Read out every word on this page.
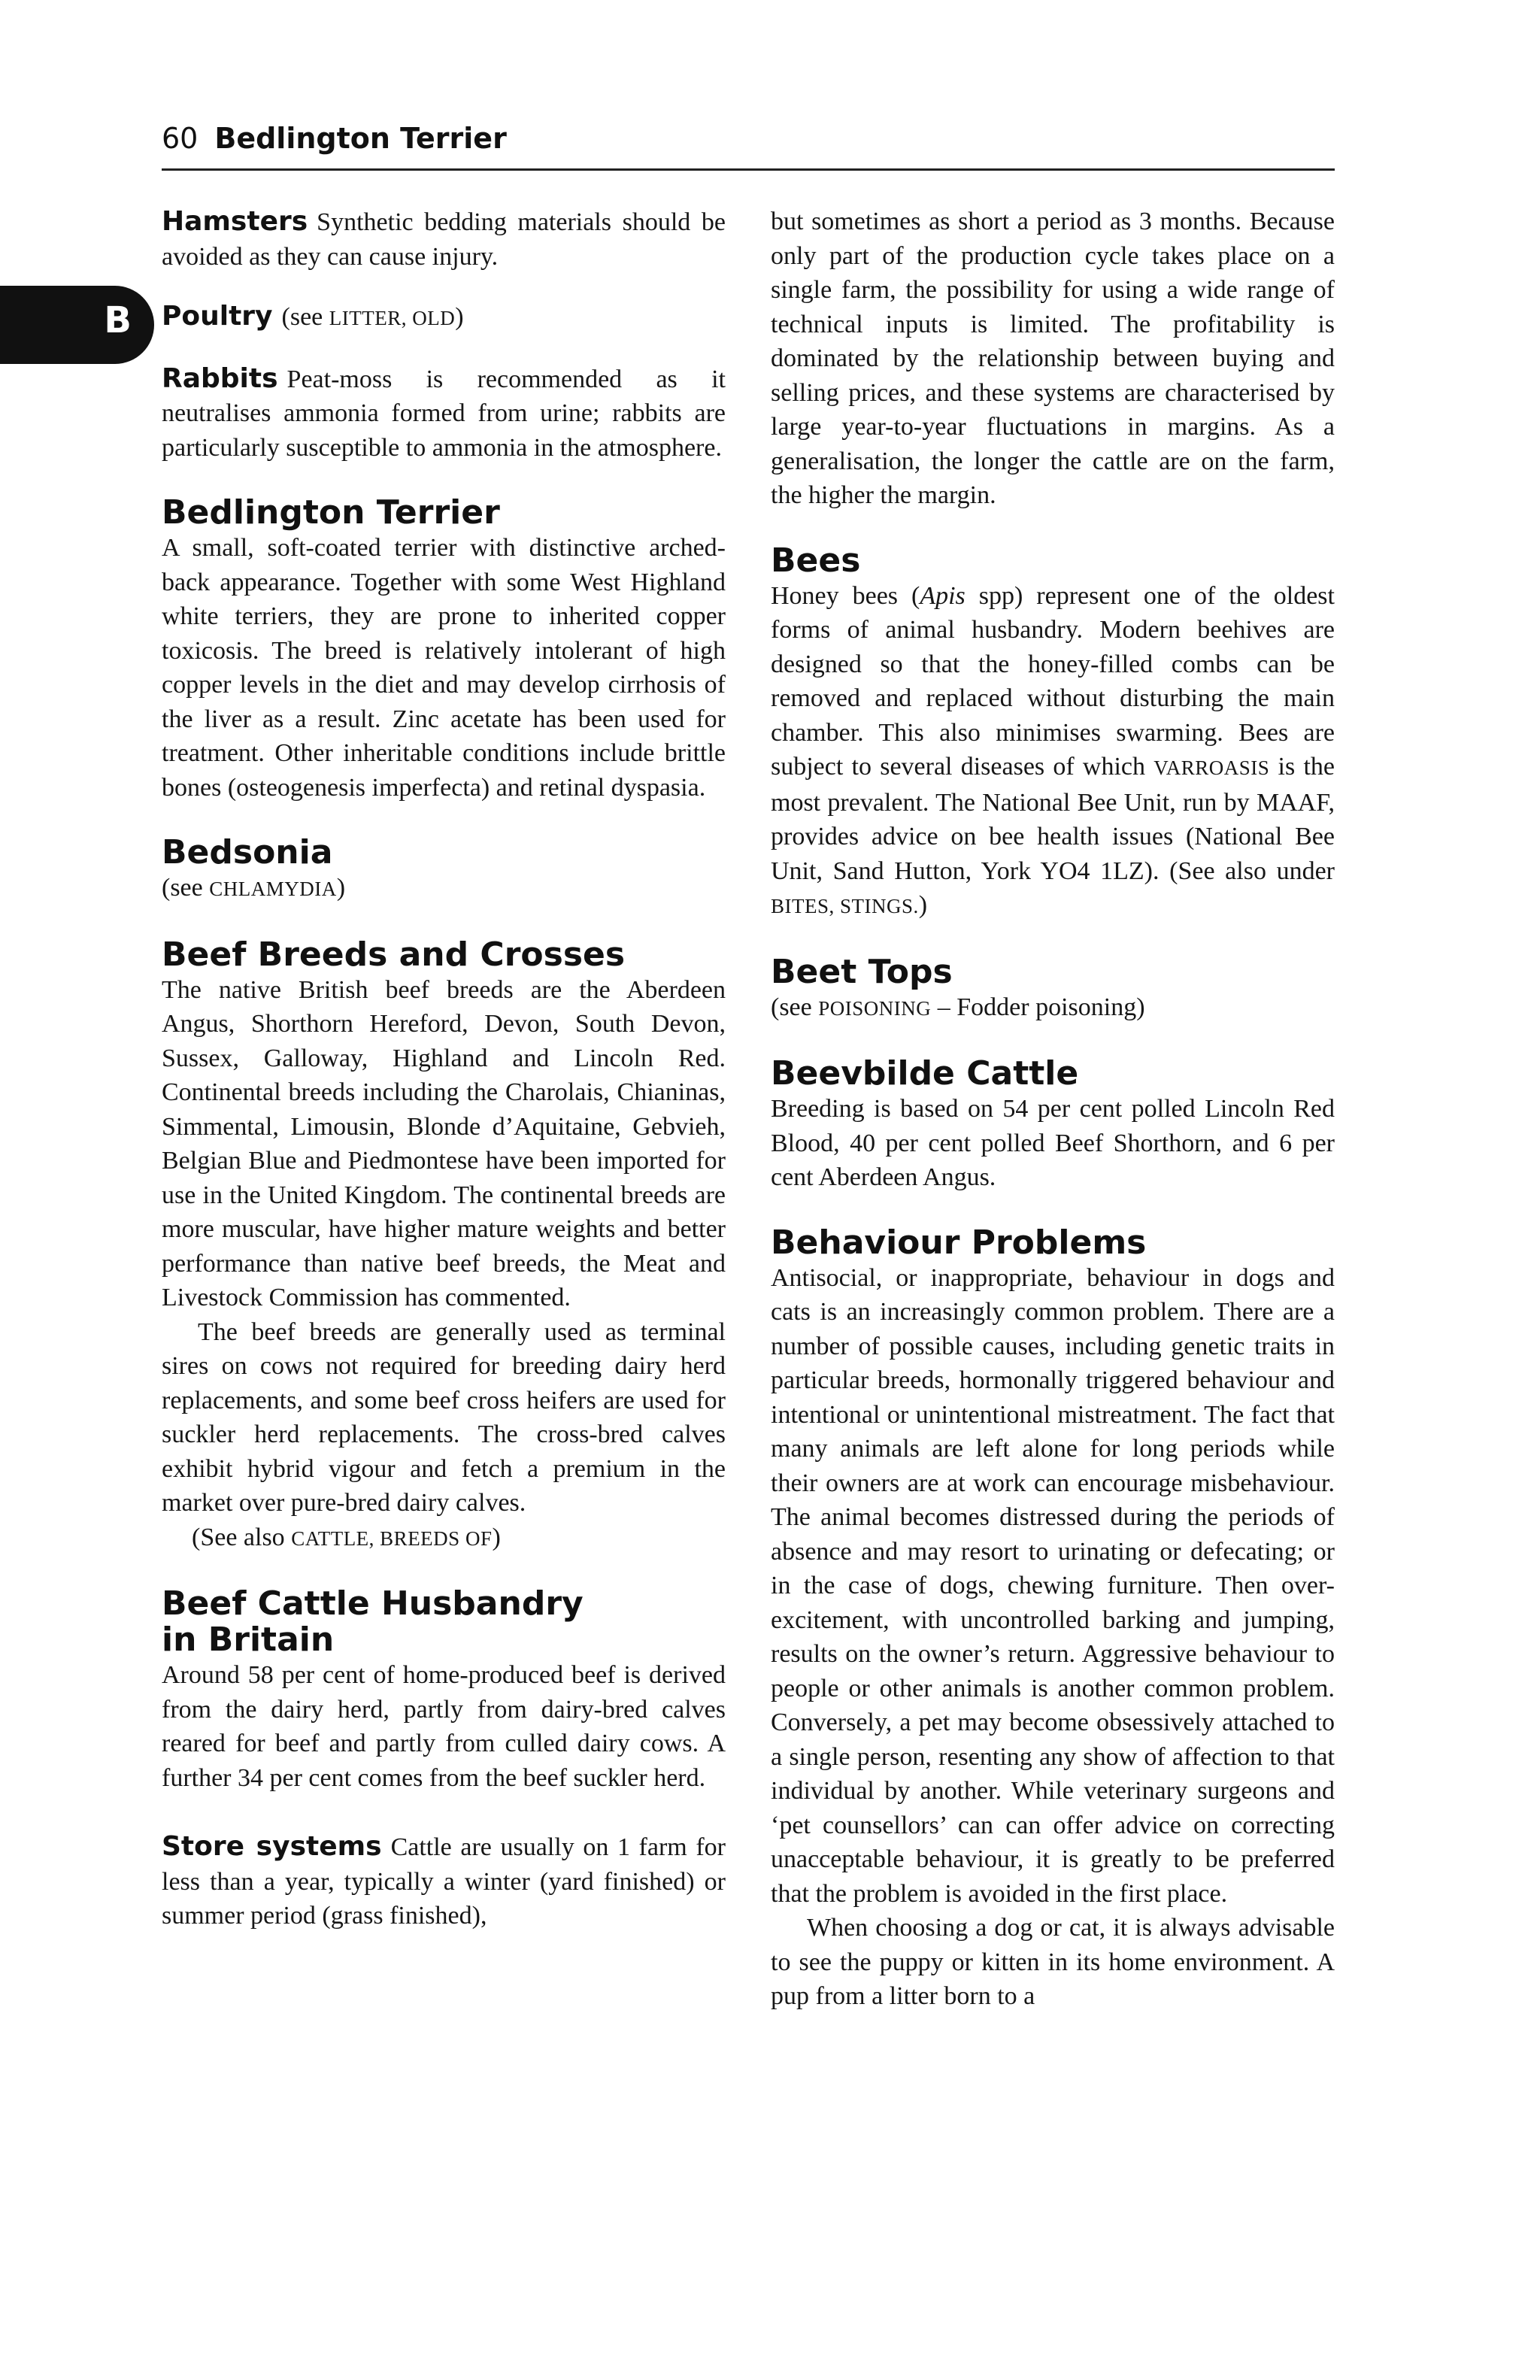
60 Bedlington Terrier
B

Hamsters Synthetic bedding materials should be avoided as they can cause injury.

Poultry (see LITTER, OLD)

Rabbits Peat-moss is recommended as it neutralises ammonia formed from urine; rabbits are particularly susceptible to ammonia in the atmosphere.

Bedlington Terrier

A small, soft-coated terrier with distinctive arched-back appearance. Together with some West Highland white terriers, they are prone to inherited copper toxicosis. The breed is relatively intolerant of high copper levels in the diet and may develop cirrhosis of the liver as a result. Zinc acetate has been used for treatment. Other inheritable conditions include brittle bones (osteogenesis imperfecta) and retinal dyspasia.

Bedsonia

(see CHLAMYDIA)

Beef Breeds and Crosses

The native British beef breeds are the Aberdeen Angus, Shorthorn Hereford, Devon, South Devon, Sussex, Galloway, Highland and Lincoln Red. Continental breeds including the Charolais, Chianinas, Simmental, Limousin, Blonde d’Aquitaine, Gebvieh, Belgian Blue and Piedmontese have been imported for use in the United Kingdom. The continental breeds are more muscular, have higher mature weights and better performance than native beef breeds, the Meat and Livestock Commission has commented.

The beef breeds are generally used as terminal sires on cows not required for breeding dairy herd replacements, and some beef cross heifers are used for suckler herd replacements. The cross-bred calves exhibit hybrid vigour and fetch a premium in the market over pure-bred dairy calves.

(See also CATTLE, BREEDS OF)

Beef Cattle Husbandry
in Britain

Around 58 per cent of home-produced beef is derived from the dairy herd, partly from dairy-bred calves reared for beef and partly from culled dairy cows. A further 34 per cent comes from the beef suckler herd.

Store systems Cattle are usually on 1 farm for less than a year, typically a winter (yard finished) or summer period (grass finished),

but sometimes as short a period as 3 months. Because only part of the production cycle takes place on a single farm, the possibility for using a wide range of technical inputs is limited. The profitability is dominated by the relationship between buying and selling prices, and these systems are characterised by large year-to-year fluctuations in margins. As a generalisation, the longer the cattle are on the farm, the higher the margin.

Bees

Honey bees (Apis spp) represent one of the oldest forms of animal husbandry. Modern beehives are designed so that the honey-filled combs can be removed and replaced without disturbing the main chamber. This also minimises swarming. Bees are subject to several diseases of which VARROASIS is the most prevalent. The National Bee Unit, run by MAAF, provides advice on bee health issues (National Bee Unit, Sand Hutton, York YO4 1LZ). (See also under BITES, STINGS.)

Beet Tops

(see POISONING – Fodder poisoning)

Beevbilde Cattle

Breeding is based on 54 per cent polled Lincoln Red Blood, 40 per cent polled Beef Shorthorn, and 6 per cent Aberdeen Angus.

Behaviour Problems

Antisocial, or inappropriate, behaviour in dogs and cats is an increasingly common problem. There are a number of possible causes, including genetic traits in particular breeds, hormonally triggered behaviour and intentional or unintentional mistreatment. The fact that many animals are left alone for long periods while their owners are at work can encourage misbehaviour. The animal becomes distressed during the periods of absence and may resort to urinating or defecating; or in the case of dogs, chewing furniture. Then over-excitement, with uncontrolled barking and jumping, results on the owner’s return. Aggressive behaviour to people or other animals is another common problem. Conversely, a pet may become obsessively attached to a single person, resenting any show of affection to that individual by another. While veterinary surgeons and ‘pet counsellors’ can can offer advice on correcting unacceptable behaviour, it is greatly to be preferred that the problem is avoided in the first place.

When choosing a dog or cat, it is always advisable to see the puppy or kitten in its home environment. A pup from a litter born to a
